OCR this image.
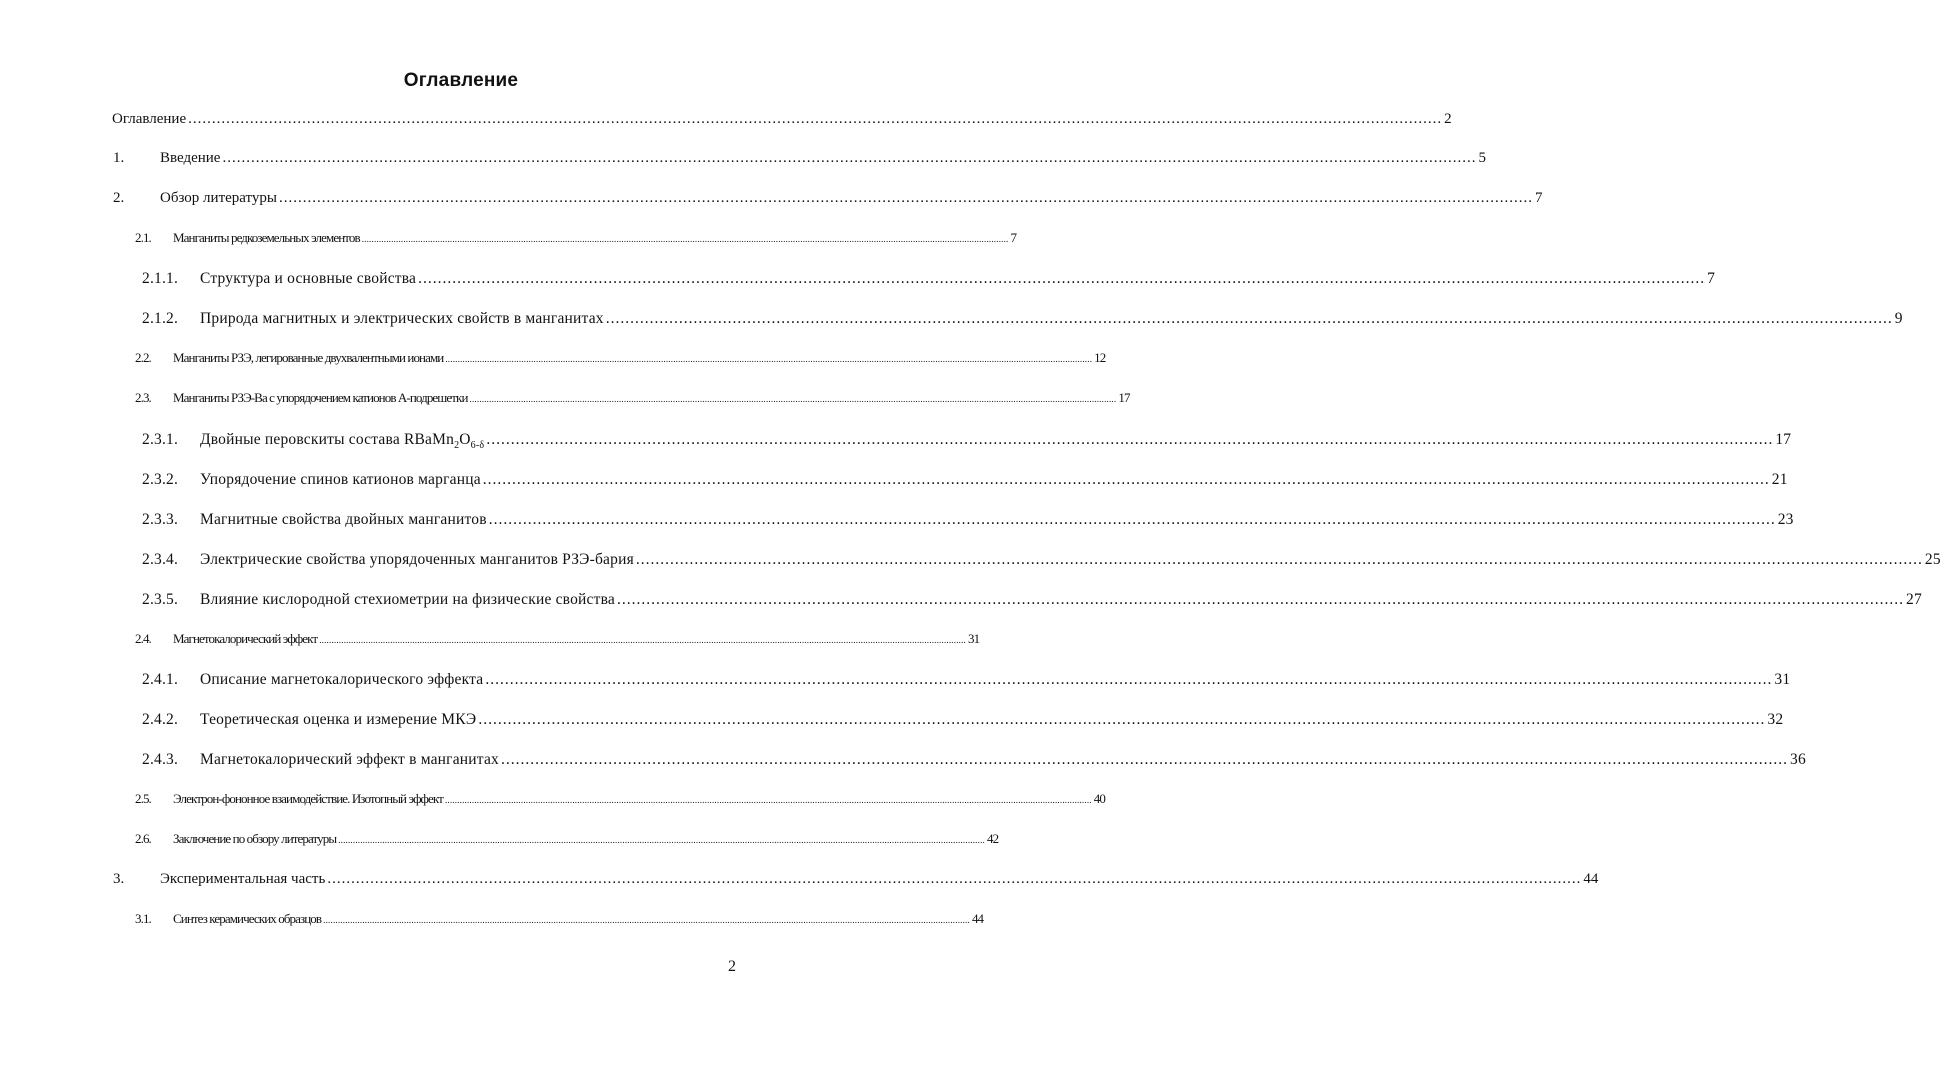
Оглавление
Оглавление .....	2
1.	Введение .....	5
2.	Обзор литературы .....	7
2.1.	Манганиты редкоземельных элементов .....	7
2.1.1.	Структура и основные свойства .....	7
2.1.2.	Природа магнитных и электрических свойств в манганитах .....	9
2.2.	Манганиты РЗЭ, легированные двухвалентными ионами .....	12
2.3.	Манганиты РЗЭ-Ва с упорядочением катионов А-подрешетки .....	17
2.3.1.	Двойные перовскиты состава $RBaMn_2O_{6-\delta}$ .....	17
2.3.2.	Упорядочение спинов катионов марганца .....	21
2.3.3.	Магнитные свойства двойных манганитов .....	23
2.3.4.	Электрические свойства упорядоченных манганитов РЗЭ-бария .....	25
2.3.5.	Влияние кислородной стехиометрии на физические свойства .....	27
2.4.	Магнетокалорический эффект .....	31
2.4.1.	Описание магнетокалорического эффекта .....	31
2.4.2.	Теоретическая оценка и измерение МКЭ .....	32
2.4.3.	Магнетокалорический эффект в манганитах .....	36
2.5.	Электрон-фононное взаимодействие. Изотопный эффект .....	40
2.6.	Заключение по обзору литературы .....	42
3.	Экспериментальная часть .....	44
3.1.	Синтез керамических образцов .....	44
2
